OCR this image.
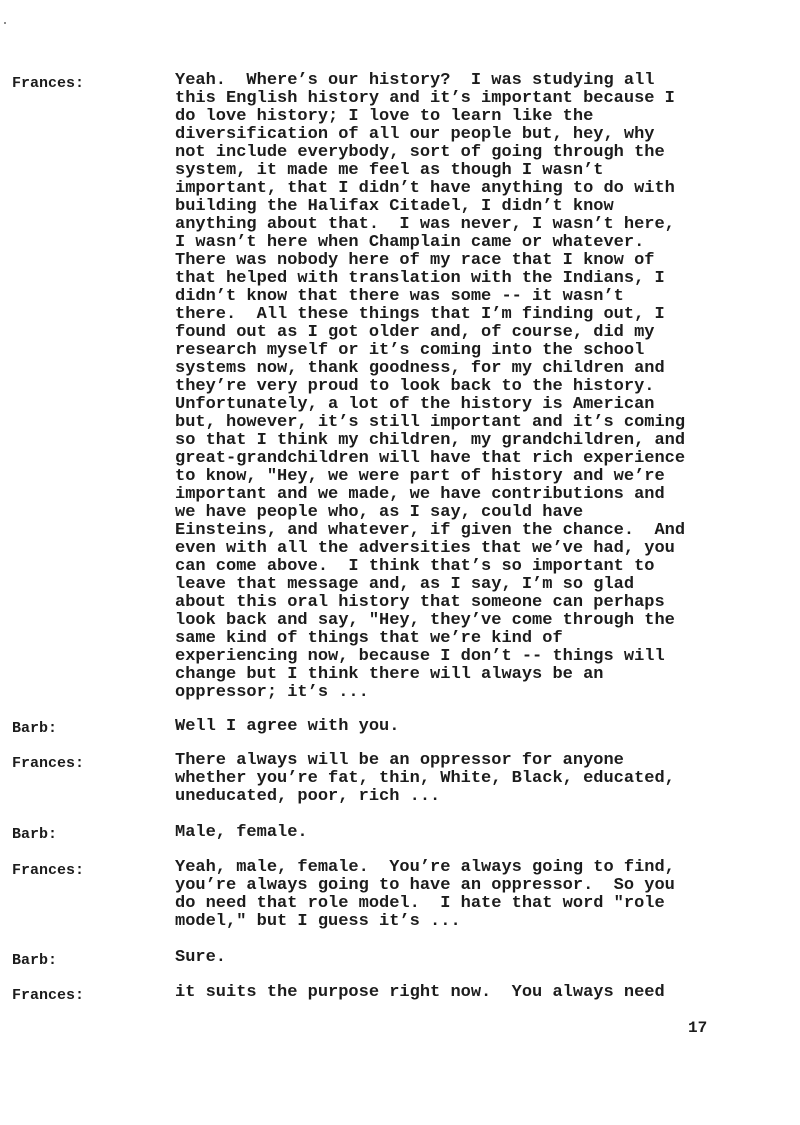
Frances:	Yeah.  Where’s our history?  I was studying all
this English history and it’s important because I
do love history; I love to learn like the
diversification of all our people but, hey, why
not include everybody, sort of going through the
system, it made me feel as though I wasn’t
important, that I didn’t have anything to do with
building the Halifax Citadel, I didn’t know
anything about that.  I was never, I wasn’t here,
I wasn’t here when Champlain came or whatever.
There was nobody here of my race that I know of
that helped with translation with the Indians, I
didn’t know that there was some -- it wasn’t
there.  All these things that I’m finding out, I
found out as I got older and, of course, did my
research myself or it’s coming into the school
systems now, thank goodness, for my children and
they’re very proud to look back to the history.
Unfortunately, a lot of the history is American
but, however, it’s still important and it’s coming
so that I think my children, my grandchildren, and
great-grandchildren will have that rich experience
to know, "Hey, we were part of history and we’re
important and we made, we have contributions and
we have people who, as I say, could have
Einsteins, and whatever, if given the chance.  And
even with all the adversities that we’ve had, you
can come above.  I think that’s so important to
leave that message and, as I say, I’m so glad
about this oral history that someone can perhaps
look back and say, "Hey, they’ve come through the
same kind of things that we’re kind of
experiencing now, because I don’t -- things will
change but I think there will always be an
oppressor; it’s ...
Barb:	Well I agree with you.
Frances:	There always will be an oppressor for anyone
whether you’re fat, thin, White, Black, educated,
uneducated, poor, rich ...
Barb:	Male, female.
Frances:	Yeah, male, female.  You’re always going to find,
you’re always going to have an oppressor.  So you
do need that role model.  I hate that word "role
model," but I guess it’s ...
Barb:	Sure.
Frances:	it suits the purpose right now.  You always need
17
